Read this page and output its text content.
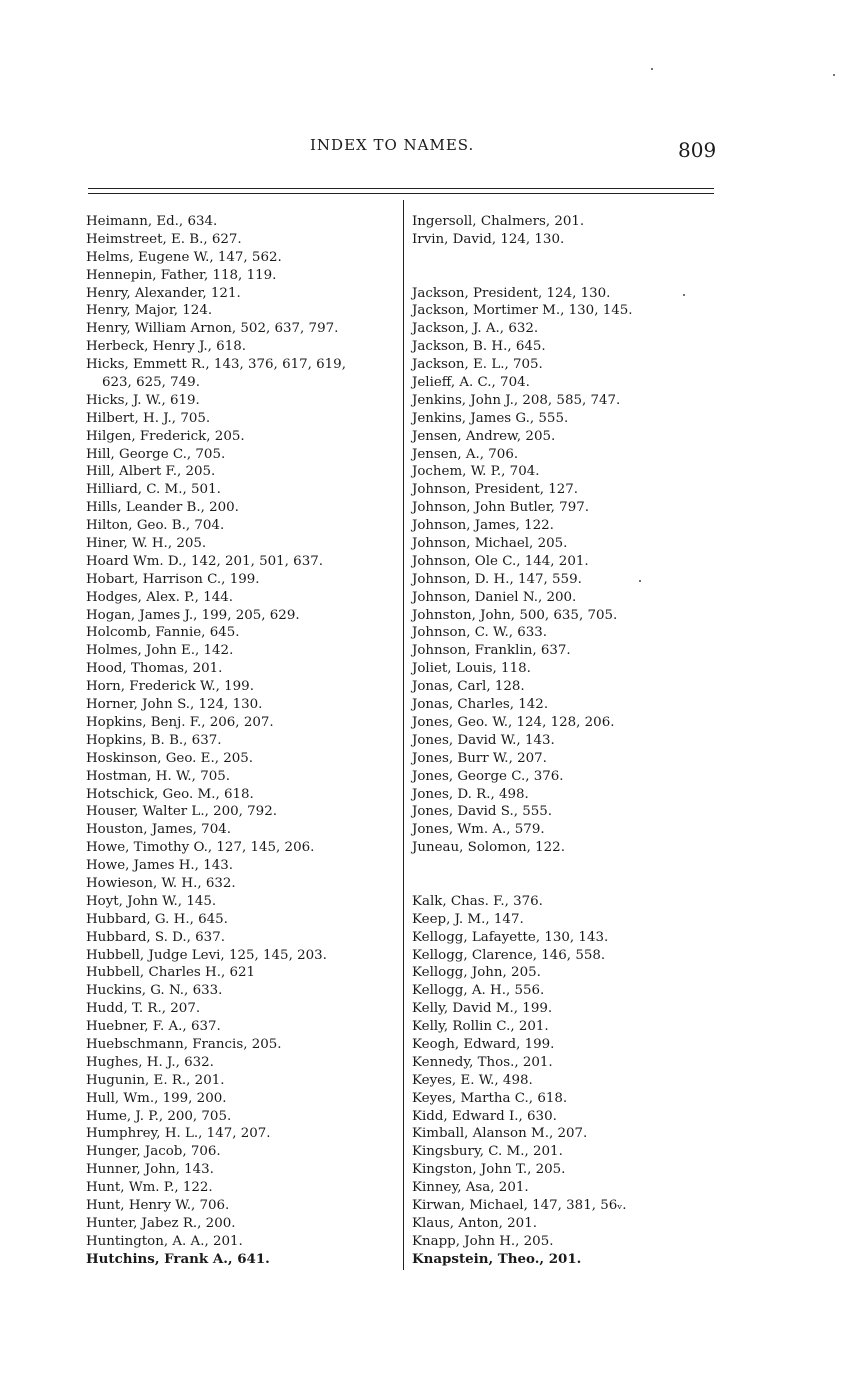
INDEX TO NAMES.	809
Heimann, Ed., 634.
Heimstreet, E. B., 627.
Helms, Eugene W., 147, 562.
Hennepin, Father, 118, 119.
Henry, Alexander, 121.
Henry, Major, 124.
Henry, William Arnon, 502, 637, 797.
Herbeck, Henry J., 618.
Hicks, Emmett R., 143, 376, 617, 619,
623, 625, 749.
Hicks, J. W., 619.
Hilbert, H. J., 705.
Hilgen, Frederick, 205.
Hill, George C., 705.
Hill, Albert F., 205.
Hilliard, C. M., 501.
Hills, Leander B., 200.
Hilton, Geo. B., 704.
Hiner, W. H., 205.
Hoard Wm. D., 142, 201, 501, 637.
Hobart, Harrison C., 199.
Hodges, Alex. P., 144.
Hogan, James J., 199, 205, 629.
Holcomb, Fannie, 645.
Holmes, John E., 142.
Hood, Thomas, 201.
Horn, Frederick W., 199.
Horner, John S., 124, 130.
Hopkins, Benj. F., 206, 207.
Hopkins, B. B., 637.
Hoskinson, Geo. E., 205.
Hostman, H. W., 705.
Hotschick, Geo. M., 618.
Houser, Walter L., 200, 792.
Houston, James, 704.
Howe, Timothy O., 127, 145, 206.
Howe, James H., 143.
Howieson, W. H., 632.
Hoyt, John W., 145.
Hubbard, G. H., 645.
Hubbard, S. D., 637.
Hubbell, Judge Levi, 125, 145, 203.
Hubbell, Charles H., 621
Huckins, G. N., 633.
Hudd, T. R., 207.
Huebner, F. A., 637.
Huebschmann, Francis, 205.
Hughes, H. J., 632.
Hugunin, E. R., 201.
Hull, Wm., 199, 200.
Hume, J. P., 200, 705.
Humphrey, H. L., 147, 207.
Hunger, Jacob, 706.
Hunner, John, 143.
Hunt, Wm. P., 122.
Hunt, Henry W., 706.
Hunter, Jabez R., 200.
Huntington, A. A., 201.
Hutchins, Frank A., 641.
Ingersoll, Chalmers, 201.
Irvin, David, 124, 130.
Jackson, President, 124, 130.
Jackson, Mortimer M., 130, 145.
Jackson, J. A., 632.
Jackson, B. H., 645.
Jackson, E. L., 705.
Jelieff, A. C., 704.
Jenkins, John J., 208, 585, 747.
Jenkins, James G., 555.
Jensen, Andrew, 205.
Jensen, A., 706.
Jochem, W. P., 704.
Johnson, President, 127.
Johnson, John Butler, 797.
Johnson, James, 122.
Johnson, Michael, 205.
Johnson, Ole C., 144, 201.
Johnson, D. H., 147, 559.
Johnson, Daniel N., 200.
Johnston, John, 500, 635, 705.
Johnson, C. W., 633.
Johnson, Franklin, 637.
Joliet, Louis, 118.
Jonas, Carl, 128.
Jonas, Charles, 142.
Jones, Geo. W., 124, 128, 206.
Jones, David W., 143.
Jones, Burr W., 207.
Jones, George C., 376.
Jones, D. R., 498.
Jones, David S., 555.
Jones, Wm. A., 579.
Juneau, Solomon, 122.
Kalk, Chas. F., 376.
Keep, J. M., 147.
Kellogg, Lafayette, 130, 143.
Kellogg, Clarence, 146, 558.
Kellogg, John, 205.
Kellogg, A. H., 556.
Kelly, David M., 199.
Kelly, Rollin C., 201.
Keogh, Edward, 199.
Kennedy, Thos., 201.
Keyes, E. W., 498.
Keyes, Martha C., 618.
Kidd, Edward I., 630.
Kimball, Alanson M., 207.
Kingsbury, C. M., 201.
Kingston, John T., 205.
Kinney, Asa, 201.
Kirwan, Michael, 147, 381, 56ᵥ.
Klaus, Anton, 201.
Knapp, John H., 205.
Knapstein, Theo., 201.
